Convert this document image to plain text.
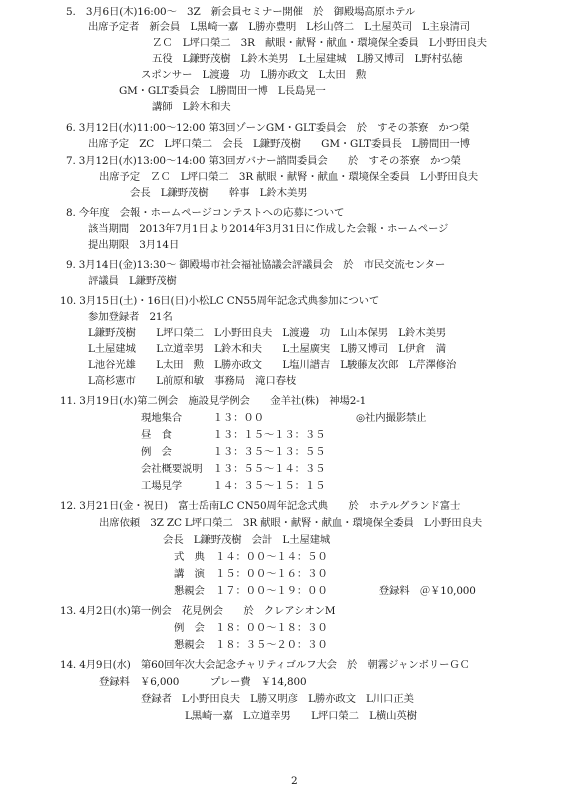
5.　3月6日(木)16:00～　3Z　新会員セミナー開催　於　御殿場高原ホテル
出席予定者　新会員　L黒崎一嘉　L勝亦豊明　L杉山啓二　L土屋英司　L主泉清司
ＺＣ　L坪口榮二　3R　献眼・献腎・献血・環境保全委員　L小野田良夫
五役　L鎌野茂樹　L鈴木美男　L土屋建城　L勝又博司　L野村弘徳
スポンサー　L渡邊　功　L勝亦政文　L太田　勲
GM・GLT委員会　L勝間田一博　L長島晃一
講師　L鈴木和夫
6. 3月12日(水)11:00～12:00 第3回ゾーンGM・GLT委員会　於　すその茶寮　かつ榮
出席予定　ZC　L坪口榮二　会長　L鎌野茂樹　　GM・GLT委員長　L勝間田一博
7. 3月12日(水)13:00～14:00 第3回ガバナー諮問委員会　　於　すその茶寮　かつ榮
出席予定　ＺＣ　L坪口榮二　3R 献眼・献腎・献血・環境保全委員　L小野田良夫
会長　L鎌野茂樹　　幹事　L鈴木美男
8. 今年度　会報・ホームページコンテストへの応募について
該当期間　2013年7月1日より2014年3月31日に作成した会報・ホームページ
提出期限　3月14日
9. 3月14日(金)13:30～ 御殿場市社会福祉協議会評議員会　於　市民交流センター
評議員　L鎌野茂樹
10. 3月15日(土)・16日(日)小松LC CN55周年記念式典参加について
参加登録者　21名
L鎌野茂樹　　L坪口榮二　L小野田良夫　L渡邊　功　L山本保男　L鈴木美男
L土屋建城　　L立道幸男　L鈴木和夫　　L土屋廣実　L勝又博司　L伊倉　満
L池谷光雄　　L太田　勲　L勝亦政文　　L塩川譜吉　L駿藤友次郎　L芹澤修治
L高杉憲市　　L前原和敏　事務局　滝口春枝
11. 3月19日(水)第二例会　施設見学例会　　金羊社(株)　神場2-1
現地集合　　　１３：００　　　　　　　　　◎社内撮影禁止
昼　食　　　　１３：１５～１３：３５
例　会　　　　１３：３５～１３：５５
会社概要説明　１３：５５～１４：３５
工場見学　　　１４：３５～１５：１５
12. 3月21日(金・祝日)　富士岳南LC CN50周年記念式典　　於　ホテルグランド富士
出席依頼　3Z ZC L坪口榮二　3R 献眼・献腎・献血・環境保全委員　L小野田良夫
会長　L鎌野茂樹　会計　L土屋建城
式　典　１４：００～１４：５０
講　演　１５：００～１６：３０
懇親会　１７：００～１９：００　　　　　登録料　＠￥10,000
13. 4月2日(水)第一例会　花見例会　　於　クレアシオンM
例　会　１８：００～１８：３０
懇親会　１８：３５～２０：３０
14. 4月9日(水)　第60回年次大会記念チャリティゴルフ大会　於　朝霧ジャンボリーＧＣ
登録料　￥6,000　　　プレー費　￥14,800
登録者　L小野田良夫　L勝又明彦　L勝亦政文　L川口正美
L黒崎一嘉　L立道幸男　　L坪口榮二　L横山英樹
2
